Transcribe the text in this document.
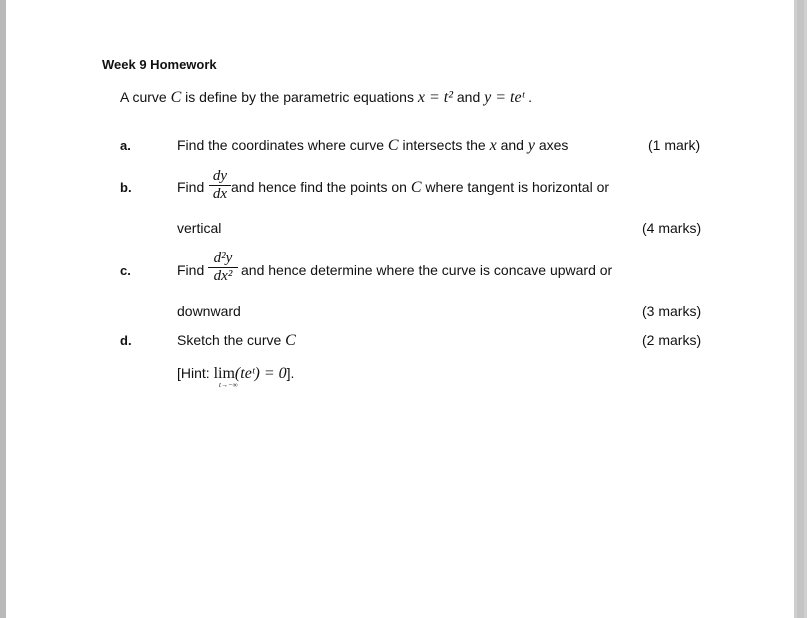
Week 9 Homework
A curve C is define by the parametric equations x = t² and y = teᵗ .
a.	Find the coordinates where curve C intersects the x and y axes	(1 mark)
b.	Find
dy
dx and hence find the points on C where tangent is horizontal or
vertical	(4 marks)
c.	Find
d²y
dx² and hence determine where the curve is concave upward or
downward	(3 marks)
d.	Sketch the curve C	(2 marks)
[Hint: lim(teᵗ) = 0].
t→−∞
